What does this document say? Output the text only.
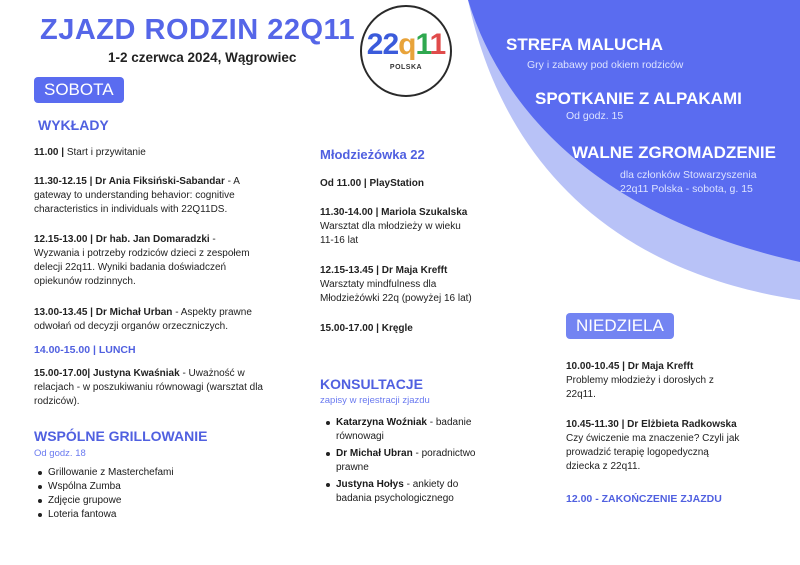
ZJAZD RODZIN 22Q11
1-2 czerwca 2024, Wągrowiec 22q11
POLSKA
STREFA MALUCHA
Gry i zabawy pod okiem rodziców
SPOTKANIE Z ALPAKAMI
Od godz. 15
WALNE ZGROMADZENIE
dla członków Stowarzyszenia
22q11 Polska - sobota, g. 15
SOBOTA
WYKŁADY
11.00 | Start i przywitanie
11.30-12.15 | Dr Ania Fiksiński-Sabandar - A
gateway to understanding behavior: cognitive
characteristics in individuals with 22Q11DS.
12.15-13.00 | Dr hab. Jan Domaradzki -
Wyzwania i potrzeby rodziców dzieci z zespołem
delecji 22q11. Wyniki badania doświadczeń
opiekunów rodzinnych.
13.00-13.45 | Dr Michał Urban - Aspekty prawne
odwołań od decyzji organów orzeczniczych.
14.00-15.00 | LUNCH
15.00-17.00| Justyna Kwaśniak - Uważność w
relacjach - w poszukiwaniu równowagi (warsztat dla
rodziców).
WSPÓLNE GRILLOWANIE
Od godz. 18
Grillowanie z Masterchefami
Wspólna Zumba
Zdjęcie grupowe
Loteria fantowa
Młodzieżówka 22
Od 11.00 | PlayStation
11.30-14.00 | Mariola Szukalska
Warsztat dla młodzieży w wieku
11-16 lat
12.15-13.45 | Dr Maja Krefft
Warsztaty mindfulness dla
Młodzieżówki 22q (powyżej 16 lat)
15.00-17.00 | Kręgle
KONSULTACJE
zapisy w rejestracji zjazdu
Katarzyna Woźniak - badanie
równowagi
Dr Michał Ubran - poradnictwo
prawne
Justyna Hołys - ankiety do
badania psychologicznego
NIEDZIELA
10.00-10.45 | Dr Maja Krefft
Problemy młodzieży i dorosłych z
22q11.
10.45-11.30 | Dr Elżbieta Radkowska
Czy ćwiczenie ma znaczenie? Czyli jak
prowadzić terapię logopedyczną
dziecka z 22q11.
12.00 - ZAKOŃCZENIE ZJAZDU
